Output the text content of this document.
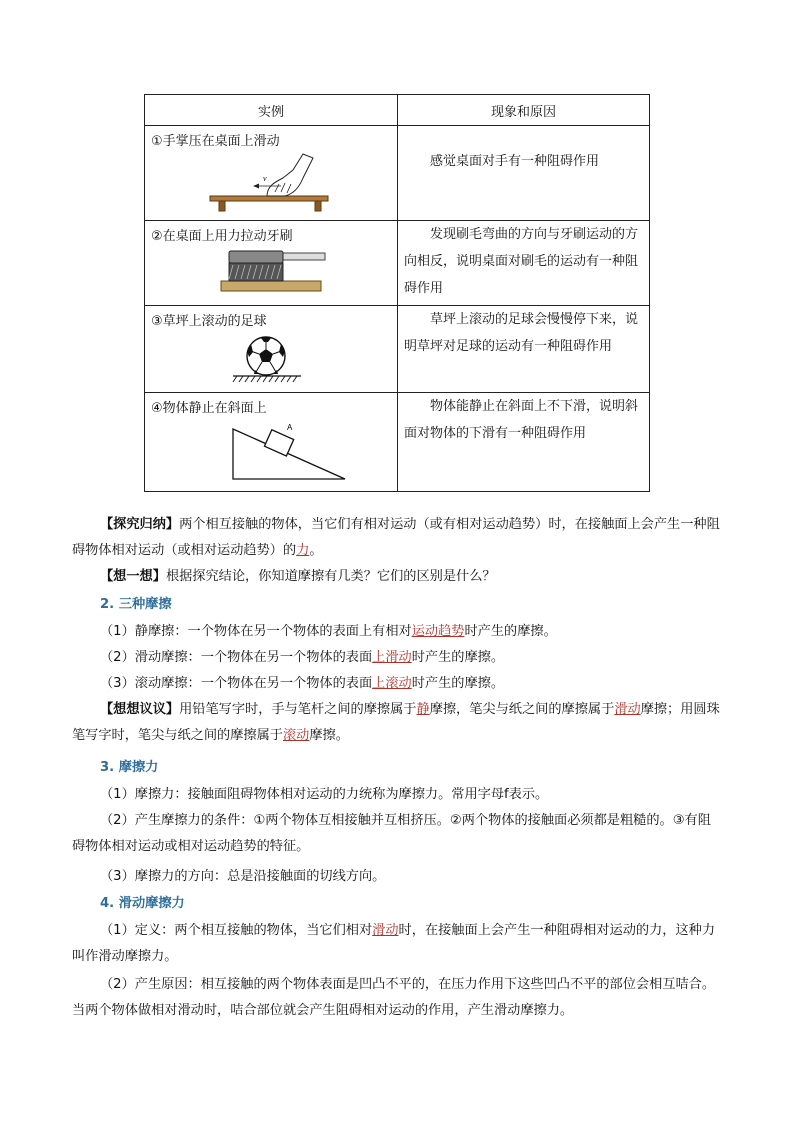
实例	现象和原因

①手掌压在桌面上滑动
v	感觉桌面对手有一种阻碍作用

②在桌面上用力拉动牙刷	发现刷毛弯曲的方向与牙刷运动的方向相反，说明桌面对刷毛的运动有一种阻碍作用

③草坪上滚动的足球	草坪上滚动的足球会慢慢停下来，说明草坪对足球的运动有一种阻碍作用

④物体静止在斜面上
A	物体能静止在斜面上不下滑，说明斜面对物体的下滑有一种阻碍作用
【探究归纳】两个相互接触的物体，当它们有相对运动（或有相对运动趋势）时，在接触面上会产生一种阻碍物体相对运动（或相对运动趋势）的力。
【想一想】根据探究结论，你知道摩擦有几类？它们的区别是什么？
2. 三种摩擦
（1）静摩擦：一个物体在另一个物体的表面上有相对运动趋势时产生的摩擦。
（2）滑动摩擦：一个物体在另一个物体的表面上滑动时产生的摩擦。
（3）滚动摩擦：一个物体在另一个物体的表面上滚动时产生的摩擦。
【想想议议】用铅笔写字时，手与笔杆之间的摩擦属于静摩擦，笔尖与纸之间的摩擦属于滑动摩擦；用圆珠笔写字时，笔尖与纸之间的摩擦属于滚动摩擦。
3. 摩擦力
（1）摩擦力：接触面阻碍物体相对运动的力统称为摩擦力。常用字母f表示。
（2）产生摩擦力的条件：①两个物体互相接触并互相挤压。②两个物体的接触面必须都是粗糙的。③有阻碍物体相对运动或相对运动趋势的特征。
（3）摩擦力的方向：总是沿接触面的切线方向。
4. 滑动摩擦力
（1）定义：两个相互接触的物体，当它们相对滑动时，在接触面上会产生一种阻碍相对运动的力，这种力叫作滑动摩擦力。
（2）产生原因：相互接触的两个物体表面是凹凸不平的，在压力作用下这些凹凸不平的部位会相互咭合。当两个物体做相对滑动时，咭合部位就会产生阻碍相对运动的作用，产生滑动摩擦力。
